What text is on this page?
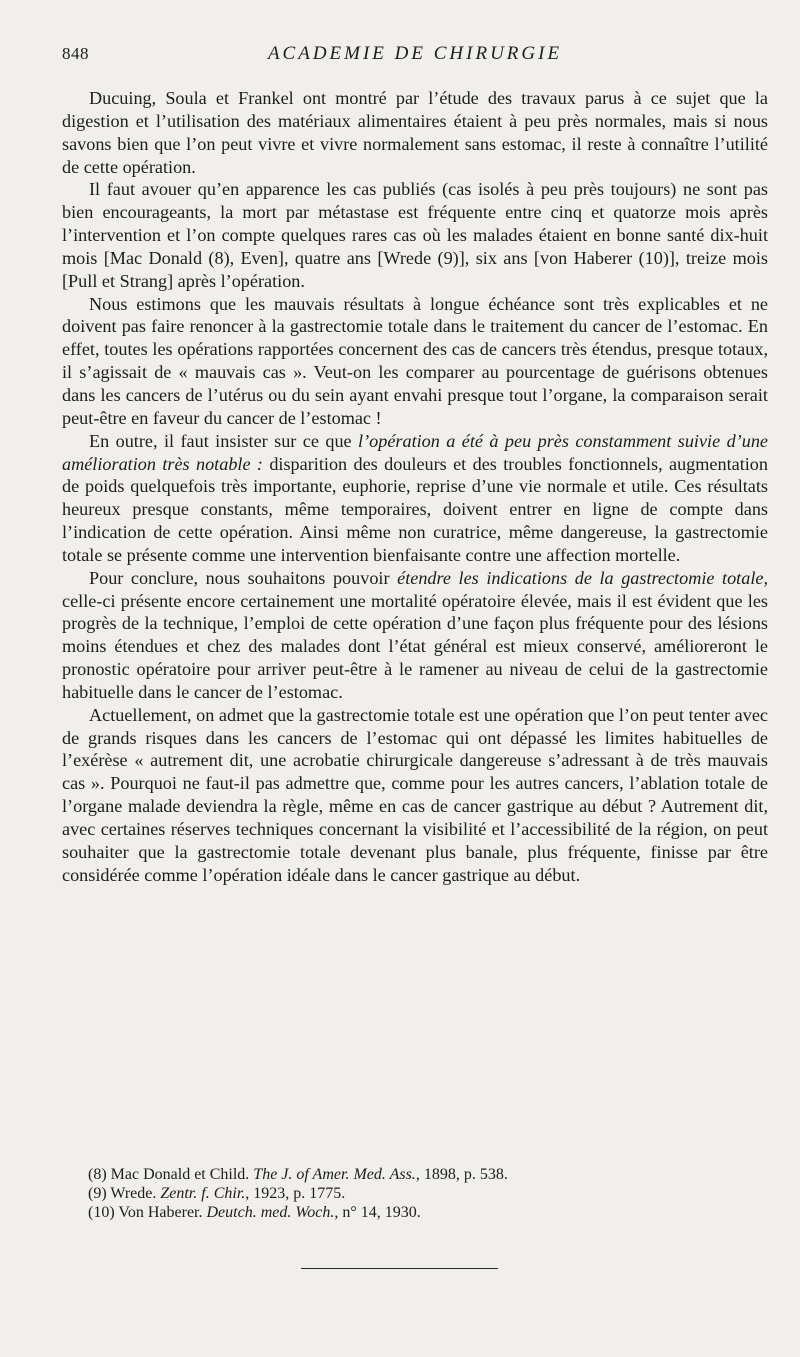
848	ACADEMIE DE CHIRURGIE

Ducuing, Soula et Frankel ont montré par l’étude des travaux parus à ce sujet que la digestion et l’utilisation des matériaux alimentaires étaient à peu près normales, mais si nous savons bien que l’on peut vivre et vivre normalement sans estomac, il reste à connaître l’utilité de cette opération.

Il faut avouer qu’en apparence les cas publiés (cas isolés à peu près toujours) ne sont pas bien encourageants, la mort par métastase est fréquente entre cinq et quatorze mois après l’intervention et l’on compte quelques rares cas où les malades étaient en bonne santé dix-huit mois [Mac Donald (8), Even], quatre ans [Wrede (9)], six ans [von Haberer (10)], treize mois [Pull et Strang] après l’opération.

Nous estimons que les mauvais résultats à longue échéance sont très explicables et ne doivent pas faire renoncer à la gastrectomie totale dans le traitement du cancer de l’estomac. En effet, toutes les opérations rapportées concernent des cas de cancers très étendus, presque totaux, il s’agissait de « mauvais cas ». Veut-on les comparer au pourcentage de guérisons obtenues dans les cancers de l’utérus ou du sein ayant envahi presque tout l’organe, la comparaison serait peut-être en faveur du cancer de l’estomac !

En outre, il faut insister sur ce que l’opération a été à peu près constamment suivie d’une amélioration très notable : disparition des douleurs et des troubles fonctionnels, augmentation de poids quelquefois très importante, euphorie, reprise d’une vie normale et utile. Ces résultats heureux presque constants, même temporaires, doivent entrer en ligne de compte dans l’indication de cette opération. Ainsi même non curatrice, même dangereuse, la gastrectomie totale se présente comme une intervention bienfaisante contre une affection mortelle.

Pour conclure, nous souhaitons pouvoir étendre les indications de la gastrectomie totale, celle-ci présente encore certainement une mortalité opératoire élevée, mais il est évident que les progrès de la technique, l’emploi de cette opération d’une façon plus fréquente pour des lésions moins étendues et chez des malades dont l’état général est mieux conservé, amélioreront le pronostic opératoire pour arriver peut-être à le ramener au niveau de celui de la gastrectomie habituelle dans le cancer de l’estomac.

Actuellement, on admet que la gastrectomie totale est une opération que l’on peut tenter avec de grands risques dans les cancers de l’estomac qui ont dépassé les limites habituelles de l’exérèse « autrement dit, une acrobatie chirurgicale dangereuse s’adressant à de très mauvais cas ». Pourquoi ne faut-il pas admettre que, comme pour les autres cancers, l’ablation totale de l’organe malade deviendra la règle, même en cas de cancer gastrique au début ? Autrement dit, avec certaines réserves techniques concernant la visibilité et l’accessibilité de la région, on peut souhaiter que la gastrectomie totale devenant plus banale, plus fréquente, finisse par être considérée comme l’opération idéale dans le cancer gastrique au début.

(8) Mac Donald et Child. The J. of Amer. Med. Ass., 1898, p. 538.

(9) Wrede. Zentr. f. Chir., 1923, p. 1775.

(10) Von Haberer. Deutch. med. Woch., n° 14, 1930.
